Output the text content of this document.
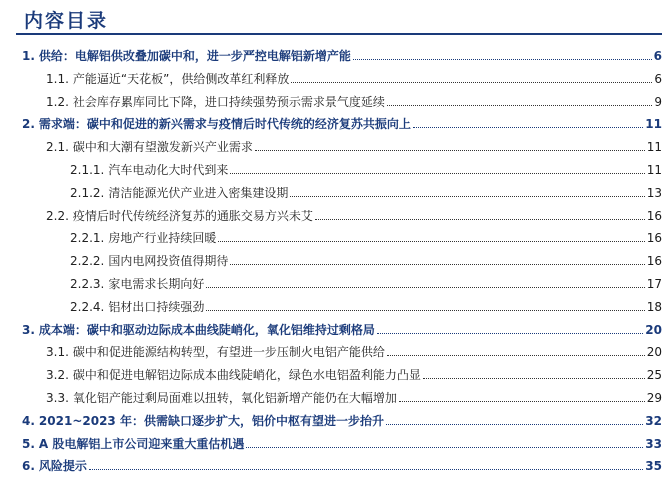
内容目录
1. 供给：电解铝供改叠加碳中和，进一步严控电解铝新增产能	6
1.1. 产能逼近“天花板”，供给侧改革红利释放	6
1.2. 社会库存累库同比下降，进口持续强势预示需求景气度延续	9
2. 需求端：碳中和促进的新兴需求与疫情后时代传统的经济复苏共振向上	11
2.1. 碳中和大潮有望激发新兴产业需求	11
2.1.1. 汽车电动化大时代到来	11
2.1.2. 清洁能源光伏产业进入密集建设期	13
2.2. 疫情后时代传统经济复苏的通胀交易方兴未艾	16
2.2.1. 房地产行业持续回暖	16
2.2.2. 国内电网投资值得期待	16
2.2.3. 家电需求长期向好	17
2.2.4. 铝材出口持续强劲	18
3. 成本端：碳中和驱动边际成本曲线陡峭化，氧化铝维持过剩格局	20
3.1. 碳中和促进能源结构转型，有望进一步压制火电铝产能供给	20
3.2. 碳中和促进电解铝边际成本曲线陡峭化，绿色水电铝盈利能力凸显	25
3.3. 氧化铝产能过剩局面难以扭转，氧化铝新增产能仍在大幅增加	29
4. 2021~2023 年：供需缺口逐步扩大，铝价中枢有望进一步抬升	32
5. A 股电解铝上市公司迎来重大重估机遇	33
6. 风险提示	35
